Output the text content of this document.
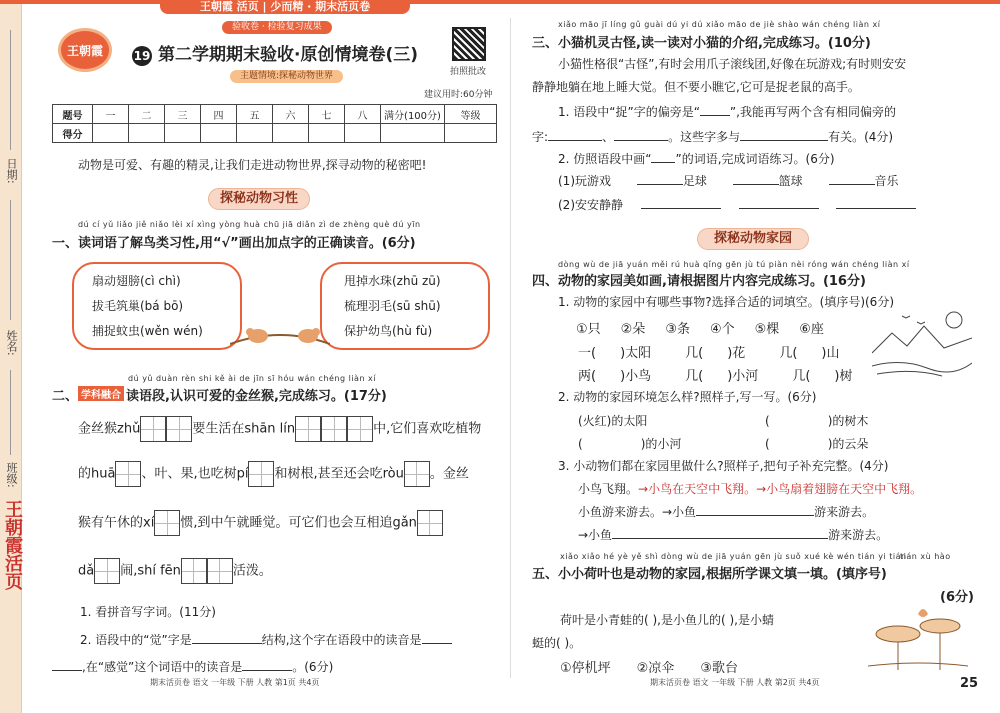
日期:
姓名:
班级:
王朝霞活页
王朝霞 活页 | 少而精 · 期末活页卷
验收卷 · 检验复习成果
王朝霞	19 第二学期期末验收·原创情境卷(三)
主题情境:探秘动物世界	拍照批改
建议用时:60分钟
题号	一	二	三	四	五	六	七	八	满分(100分)	等级
得分										
动物是可爱、有趣的精灵,让我们走进动物世界,探寻动物的秘密吧!
探秘动物习性
dú cí yǔ liǎo jiě niǎo lèi xí xìng yòng huà chū jiā diǎn zì de zhèng què dú yīn
一、读词语了解鸟类习性,用“√”画出加点字的正确读音。(6分)
扇动翅膀(cì chì)
拔毛筑巢(bá bō)
捕捉蚊虫(wěn wén)
甩掉水珠(zhū zū)
梳理羽毛(sū shū)
保护幼鸟(hù fù)
dú yǔ duàn rèn shi kě ài de jīn sī hóu wán chéng liàn xí
二、 学科融合 读语段,认识可爱的金丝猴,完成练习。(17分)
金丝猴zhǔ	要生活在shān lín	中,它们喜欢吃植物
的huā 、叶、果,也吃树pí 和树根,甚至还会吃ròu 。金丝
猴有午休的xí 惯,到中午就睡觉。可它们也会互相追gǎn
dǎ 闹,shí fēn	活泼。
1. 看拼音写字词。(11分)
2. 语段中的“觉”字是	结构,这个字在语段中的读音是
,在“感觉”这个词语中的读音是	。(6分)
期末活页卷 语文 一年级 下册 人教 第1页 共4页
xiǎo māo jī líng gǔ guài dú yi dú xiǎo māo de jiè shào wán chéng liàn xí
三、小猫机灵古怪,读一读对小猫的介绍,完成练习。(10分)
小猫性格很“古怪”,有时会用爪子滚线团,好像在玩游戏;有时则安安
静静地躺在地上睡大觉。但不要小瞧它,它可是捉老鼠的高手。
1. 语段中“捉”字的偏旁是“	”,我能再写两个含有相同偏旁的
字:	、	。这些字多与	有关。(4分)
2. 仿照语段中画“ ”的词语,完成词语练习。(6分)
(1)玩游戏	足球	篮球	音乐
(2)安安静静
探秘动物家园
dòng wù de jiā yuán měi rú huà qǐng gēn jù tú piàn nèi róng wán chéng liàn xí
四、动物的家园美如画,请根据图片内容完成练习。(16分)
1. 动物的家园中有哪些事物?选择合适的词填空。(填序号)(6分)
①只 ②朵 ③条 ④个 ⑤棵 ⑥座
一( )太阳	几( )花	几( )山
两( )小鸟	几( )小河	几( )树
2. 动物的家园环境怎么样?照样子,写一写。(6分)
(火红)的太阳	(	)的树木
(	)的小河	(	)的云朵
3. 小动物们都在家园里做什么?照样子,把句子补充完整。(4分)
小鸟飞翔。→小鸟在天空中飞翔。→小鸟扇着翅膀在天空中飞翔。
小鱼游来游去。→小鱼	游来游去。
→小鱼	游来游去。
xiǎo xiǎo hé yè yě shì dòng wù de jiā yuán gēn jù suǒ xué kè wén tián yi tián
tián xù hào
五、小小荷叶也是动物的家园,根据所学课文填一填。(填序号)
(6分)
荷叶是小青蛙的( ),是小鱼儿的( ),是小蜻
蜓的( )。
①停机坪 ②凉伞 ③歌台
期末活页卷 语文 一年级 下册 人教 第2页 共4页	25
